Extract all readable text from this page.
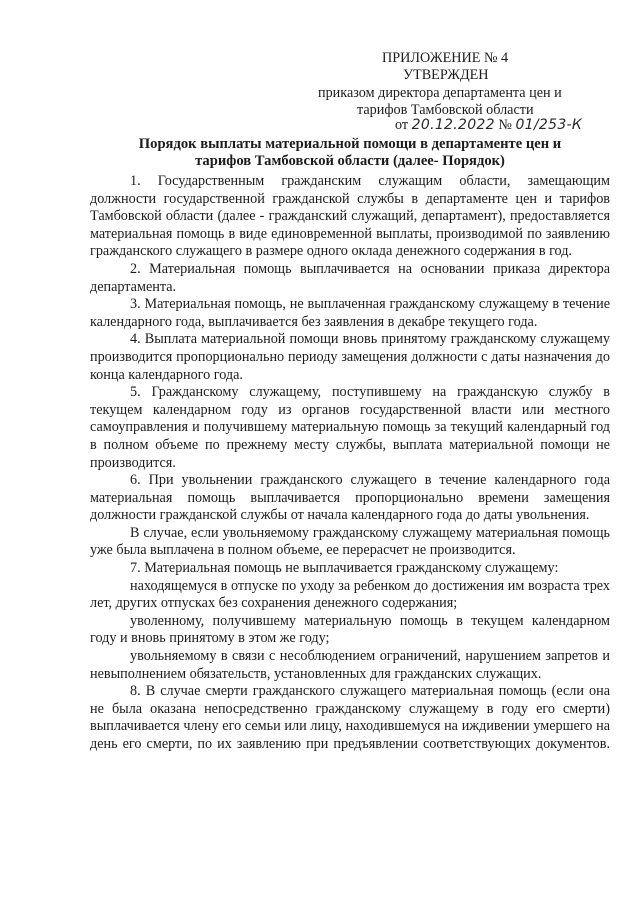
ПРИЛОЖЕНИЕ № 4
УТВЕРЖДЕН
приказом директора департамента цен и
тарифов Тамбовской области
от 20.12.2022 № 01/253-К
Порядок выплаты материальной помощи в департаменте цен и
тарифов Тамбовской области (далее- Порядок)

1. Государственным гражданским служащим области, замещающим должности государственной гражданской службы в департаменте цен и тарифов Тамбовской области (далее - гражданский служащий, департамент), предоставляется материальная помощь в виде единовременной выплаты, производимой по заявлению гражданского служащего в размере одного оклада денежного содержания в год.

2. Материальная помощь выплачивается на основании приказа директора департамента.

3. Материальная помощь, не выплаченная гражданскому служащему в течение календарного года, выплачивается без заявления в декабре текущего года.

4. Выплата материальной помощи вновь принятому гражданскому служащему производится пропорционально периоду замещения должности с даты назначения до конца календарного года.

5. Гражданскому служащему, поступившему на гражданскую службу в текущем календарном году из органов государственной власти или местного самоуправления и получившему материальную помощь за текущий календарный год в полном объеме по прежнему месту службы, выплата материальной помощи не производится.

6. При увольнении гражданского служащего в течение календарного года материальная помощь выплачивается пропорционально времени замещения должности гражданской службы от начала календарного года до даты увольнения.

В случае, если увольняемому гражданскому служащему материальная помощь уже была выплачена в полном объеме, ее перерасчет не производится.

7. Материальная помощь не выплачивается гражданскому служащему:

находящемуся в отпуске по уходу за ребенком до достижения им возраста трех лет, других отпусках без сохранения денежного содержания;

уволенному, получившему материальную помощь в текущем календарном году и вновь принятому в этом же году;

увольняемому в связи с несоблюдением ограничений, нарушением запретов и невыполнением обязательств, установленных для гражданских служащих.

8. В случае смерти гражданского служащего материальная помощь (если она не была оказана непосредственно гражданскому служащему в году его смерти) выплачивается члену его семьи или лицу, находившемуся на иждивении умершего на день его смерти, по их заявлению при предъявлении соответствующих документов.
